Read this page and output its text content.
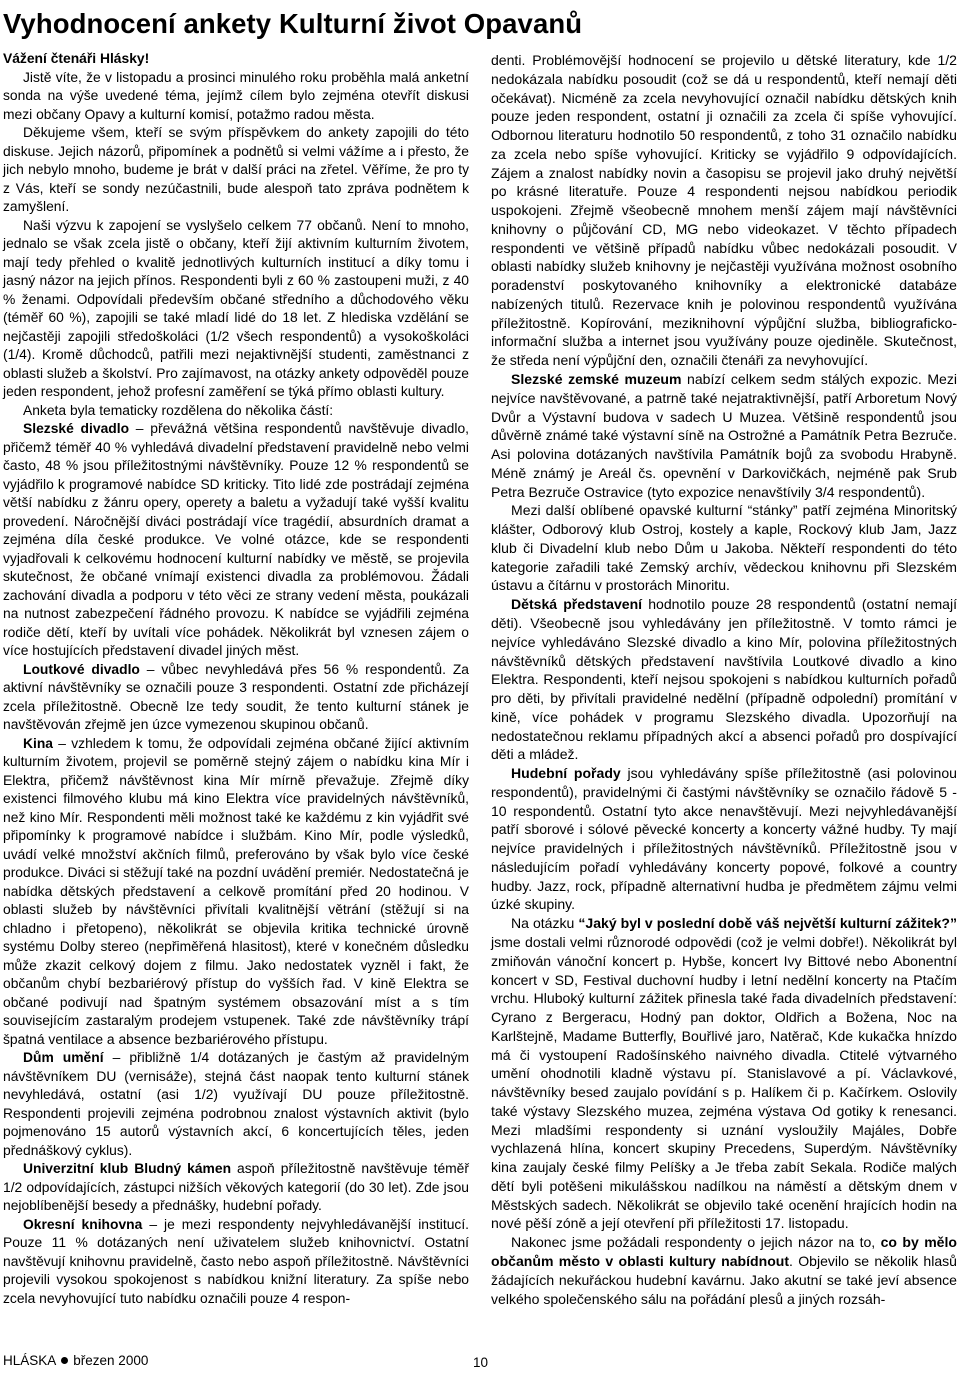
Vyhodnocení ankety Kulturní život Opavanů

Vážení čtenáři Hlásky!

Jistě víte, že v listopadu a prosinci minulého roku proběhla malá anketní sonda na výše uvedené téma, jejímž cílem bylo zejména otevřít diskusi mezi občany Opavy a kulturní komisí, potažmo radou města.

Děkujeme všem, kteří se svým příspěvkem do ankety zapojili do této diskuse. Jejich názorů, připomínek a podnětů si velmi vážíme a i přesto, že jich nebylo mnoho, budeme je brát v další práci na zřetel. Věříme, že pro ty z Vás, kteří se sondy nezúčastnili, bude alespoň tato zpráva podnětem k zamyšlení.

Naši výzvu k zapojení se vyslyšelo celkem 77 občanů. Není to mnoho, jednalo se však zcela jistě o občany, kteří žijí aktivním kulturním životem, mají tedy přehled o kvalitě jednotlivých kulturních institucí a díky tomu i jasný názor na jejich přínos. Respondenti byli z 60 % zastoupeni muži, z 40 % ženami. Odpovídali především občané středního a důchodového věku (téměř 60 %), zapojili se také mladí lidé do 18 let. Z hlediska vzdělání se nejčastěji zapojili středoškoláci (1/2 všech respondentů) a vysokoškoláci (1/4). Kromě důchodců, patřili mezi nejaktivnější studenti, zaměstnanci z oblasti služeb a školství. Pro zajímavost, na otázky ankety odpověděl pouze jeden respondent, jehož profesní zaměření se týká přímo oblasti kultury.

Anketa byla tematicky rozdělena do několika částí:

Slezské divadlo – převážná většina respondentů navštěvuje divadlo, přičemž téměř 40 % vyhledává divadelní představení pravidelně nebo velmi často, 48 % jsou příležitostnými návštěvníky. Pouze 12 % respondentů se vyjádřilo k programové nabídce SD kriticky. Tito lidé zde postrádají zejména větší nabídku z žánru opery, operety a baletu a vyžadují také vyšší kvalitu provedení. Náročnější diváci postrádají více tragédií, absurdních dramat a zejména díla české produkce. Ve volné otázce, kde se respondenti vyjadřovali k celkovému hodnocení kulturní nabídky ve městě, se projevila skutečnost, že občané vnímají existenci divadla za problémovou. Žádali zachování divadla a podporu v této věci ze strany vedení města, poukázali na nutnost zabezpečení řádného provozu. K nabídce se vyjádřili zejména rodiče dětí, kteří by uvítali více pohádek. Několikrát byl vznesen zájem o více hostujících představení divadel jiných měst.

Loutkové divadlo – vůbec nevyhledává přes 56 % respondentů. Za aktivní návštěvníky se označili pouze 3 respondenti. Ostatní zde přicházejí zcela příležitostně. Obecně lze tedy soudit, že tento kulturní stánek je navštěvován zřejmě jen úzce vymezenou skupinou občanů.

Kina – vzhledem k tomu, že odpovídali zejména občané žijící aktivním kulturním životem, projevil se poměrně stejný zájem o nabídku kina Mír i Elektra, přičemž návštěvnost kina Mír mírně převažuje. Zřejmě díky existenci filmového klubu má kino Elektra více pravidelných návštěvníků, než kino Mír. Respondenti měli možnost také ke každému z kin vyjádřit své připomínky k programové nabídce i službám. Kino Mír, podle výsledků, uvádí velké množství akčních filmů, preferováno by však bylo více české produkce. Diváci si stěžují také na pozdní uvádění premiér. Nedostatečná je nabídka dětských představení a celkově promítání před 20 hodinou. V oblasti služeb by návštěvníci přivítali kvalitnější větrání (stěžují si na chladno i přetopeno), několikrát se objevila kritika technické úrovně systému Dolby stereo (nepřiměřená hlasitost), které v konečném důsledku může zkazit celkový dojem z filmu. Jako nedostatek vyzněl i fakt, že občanům chybí bezbariérový přístup do vyšších řad. V kině Elektra se občané podivují nad špatným systémem obsazování míst a s tím souvisejícím zastaralým prodejem vstupenek. Také zde návštěvníky trápí špatná ventilace a absence bezbariérového přístupu.

Dům umění – přibližně 1/4 dotázaných je častým až pravidelným návštěvníkem DU (vernisáže), stejná část naopak tento kulturní stánek nevyhledává, ostatní (asi 1/2) využívají DU pouze příležitostně. Respondenti projevili zejména podrobnou znalost výstavních aktivit (bylo pojmenováno 15 autorů výstavních akcí, 6 koncertujících těles, jeden přednáškový cyklus).

Univerzitní klub Bludný kámen aspoň příležitostně navštěvuje téměř 1/2 odpovídajících, zástupci nižších věkových kategorií (do 30 let). Zde jsou nejoblíbenější besedy a přednášky, hudební pořady.

Okresní knihovna – je mezi respondenty nejvyhledávanější institucí. Pouze 11 % dotázaných není uživatelem služeb knihovnictví. Ostatní navštěvují knihovnu pravidelně, často nebo aspoň příležitostně. Návštěvníci projevili vysokou spokojenost s nabídkou knižní literatury. Za spíše nebo zcela nevyhovující tuto nabídku označili pouze 4 respon-

denti. Problémovější hodnocení se projevilo u dětské literatury, kde 1/2 nedokázala nabídku posoudit (což se dá u respondentů, kteří nemají děti očekávat). Nicméně za zcela nevyhovující označil nabídku dětských knih pouze jeden respondent, ostatní ji označili za zcela či spíše vyhovující. Odbornou literaturu hodnotilo 50 respondentů, z toho 31 označilo nabídku za zcela nebo spíše vyhovující. Kriticky se vyjádřilo 9 odpovídajících. Zájem a znalost nabídky novin a časopisu se projevil jako druhý největší po krásné literatuře. Pouze 4 respondenti nejsou nabídkou periodik uspokojeni. Zřejmě všeobecně mnohem menší zájem mají návštěvníci knihovny o půjčování CD, MG nebo videokazet. V těchto případech respondenti ve většině případů nabídku vůbec nedokázali posoudit. V oblasti nabídky služeb knihovny je nejčastěji využívána možnost osobního poradenství poskytovaného knihovníky a elektronické databáze nabízených titulů. Rezervace knih je polovinou respondentů využívána příležitostně. Kopírování, meziknihovní výpůjční služba, bibliograficko-informační služba a internet jsou využívány pouze ojediněle. Skutečnost, že středa není výpůjční den, označili čtenáři za nevyhovující.

Slezské zemské muzeum nabízí celkem sedm stálých expozic. Mezi nejvíce navštěvované, a patrně také nejatraktivnější, patří Arboretum Nový Dvůr a Výstavní budova v sadech U Muzea. Většině respondentů jsou důvěrně známé také výstavní síně na Ostrožné a Památník Petra Bezruče. Asi polovina dotázaných navštívila Památník bojů za svobodu Hrabyně. Méně známý je Areál čs. opevnění v Darkovičkách, nejméně pak Srub Petra Bezruče Ostravice (tyto expozice nenavštívily 3/4 respondentů).

Mezi další oblíbené opavské kulturní “stánky” patří zejména Minoritský klášter, Odborový klub Ostroj, kostely a kaple, Rockový klub Jam, Jazz klub či Divadelní klub nebo Dům u Jakoba. Někteří respondenti do této kategorie zařadili také Zemský archív, vědeckou knihovnu při Slezském ústavu a čítárnu v prostorách Minoritu.

Dětská představení hodnotilo pouze 28 respondentů (ostatní nemají děti). Všeobecně jsou vyhledávány jen příležitostně. V tomto rámci je nejvíce vyhledáváno Slezské divadlo a kino Mír, polovina příležitostných návštěvníků dětských představení navštívila Loutkové divadlo a kino Elektra. Respondenti, kteří nejsou spokojeni s nabídkou kulturních pořadů pro děti, by přivítali pravidelné nedělní (případně odpolední) promítání v kině, více pohádek v programu Slezského divadla. Upozorňují na nedostatečnou reklamu případných akcí a absenci pořadů pro dospívající děti a mládež.

Hudební pořady jsou vyhledávány spíše příležitostně (asi polovinou respondentů), pravidelnými či častými návštěvníky se označilo řádově 5 - 10 respondentů. Ostatní tyto akce nenavštěvují. Mezi nejvyhledávanější patří sborové i sólové pěvecké koncerty a koncerty vážné hudby. Ty mají nejvíce pravidelných i příležitostných návštěvníků. Příležitostně jsou v následujícím pořadí vyhledávány koncerty popové, folkové a country hudby. Jazz, rock, případně alternativní hudba je předmětem zájmu velmi úzké skupiny.

Na otázku “Jaký byl v poslední době váš největší kulturní zážitek?” jsme dostali velmi různorodé odpovědi (což je velmi dobře!). Několikrát byl zmiňován vánoční koncert p. Hybše, koncert Ivy Bittové nebo Abonentní koncert v SD, Festival duchovní hudby i letní nedělní koncerty na Ptačím vrchu. Hluboký kulturní zážitek přinesla také řada divadelních představení: Cyrano z Bergeracu, Hodný pan doktor, Oldřich a Božena, Noc na Karlštejně, Madame Butterfly, Bouřlivé jaro, Natěrač, Kde kukačka hnízdo má či vystoupení Radošínského naivného divadla. Ctitelé výtvarného umění ohodnotili kladně výstavu pí. Stanislavové a pí. Václavkové, návštěvníky besed zaujalo povídání s p. Halíkem či p. Kačírkem. Oslovily také výstavy Slezského muzea, zejména výstava Od gotiky k renesanci. Mezi mladšími respondenty si uznání vysloužily Majáles, Dobře vychlazená hlína, koncert skupiny Precedens, Superdým. Návštěvníky kina zaujaly české filmy Pelíšky a Je třeba zabít Sekala. Rodiče malých dětí byli potěšeni mikulášskou nadílkou na náměstí a dětským dnem v Městských sadech. Několikrát se objevilo také ocenění hrajících hodin na nové pěší zóně a její otevření při příležitosti 17. listopadu.

Nakonec jsme požádali respondenty o jejich názor na to, co by mělo občanům město v oblasti kultury nabídnout. Objevilo se několik hlasů žádajících nekuřáckou hudební kavárnu. Jako akutní se také jeví absence velkého společenského sálu na pořádání plesů a jiných rozsáh-

HLÁSKA březen 2000	10
